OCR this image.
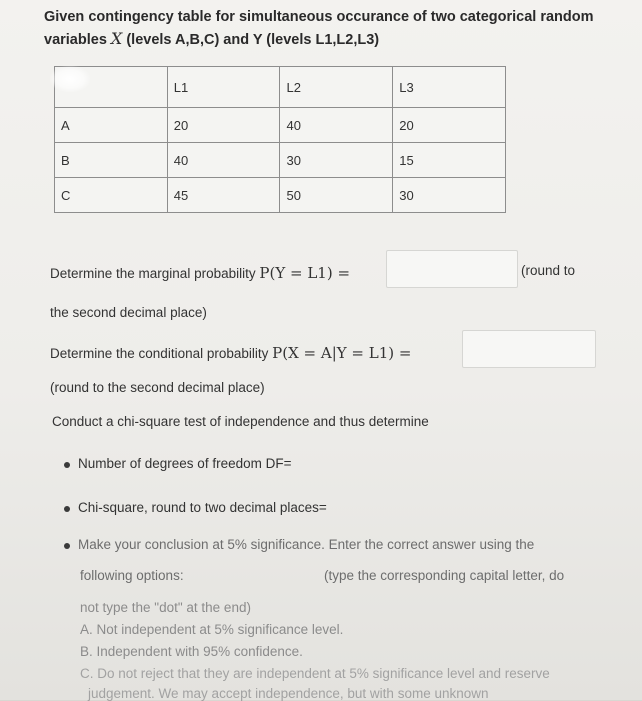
Given contingency table for simultaneous occurance of two categorical random
variables X (levels A,B,C) and Y (levels L1,L2,L3)
	L1	L2	L3
A	20	40	20
B	40	30	15
C	45	50	30
Determine the marginal probability P(Y = L1) =	(round to
the second decimal place)
Determine the conditional probability P(X = A|Y = L1) =
(round to the second decimal place)
Conduct a chi-square test of independence and thus determine
Number of degrees of freedom DF=
Chi-square, round to two decimal places=
Make your conclusion at 5% significance. Enter the correct answer using the
following options:	(type the corresponding capital letter, do
not type the "dot" at the end)
A. Not independent at 5% significance level.
B. Independent with 95% confidence.
C. Do not reject that they are independent at 5% significance level and reserve
judgement. We may accept independence, but with some unknown
